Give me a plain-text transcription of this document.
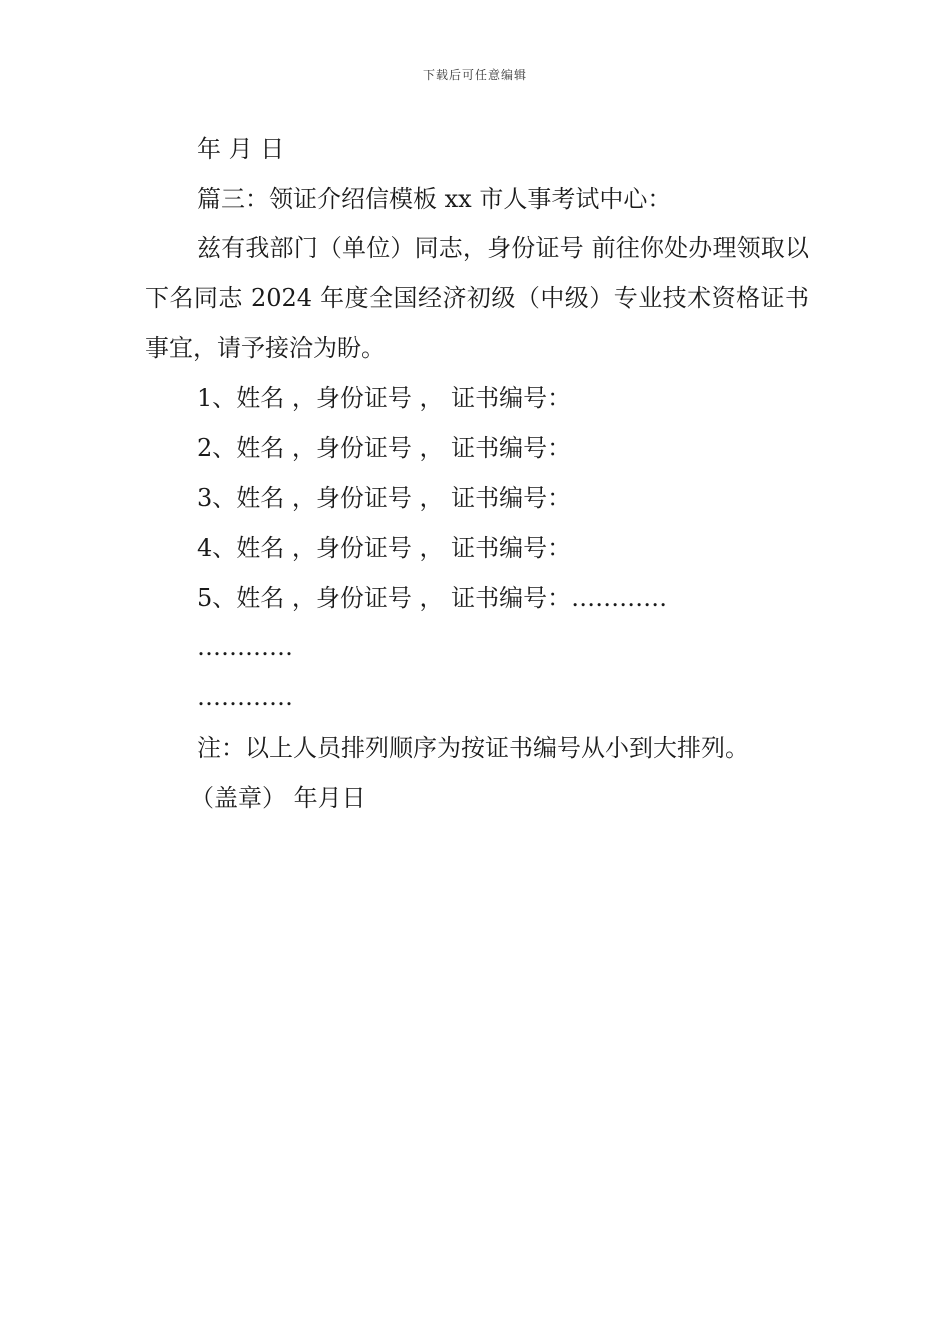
下载后可任意编辑
年 月 日
篇三：领证介绍信模板 xx 市人事考试中心：
兹有我部门（单位）同志，身份证号 前往你处办理领取以下名同志 2024 年度全国经济初级（中级）专业技术资格证书事宜，请予接洽为盼。
1、姓名 ，身份证号 ， 证书编号：
2、姓名 ，身份证号 ， 证书编号：
3、姓名 ，身份证号 ， 证书编号：
4、姓名 ，身份证号 ， 证书编号：
5、姓名 ，身份证号 ， 证书编号：…………
…………
…………
注：以上人员排列顺序为按证书编号从小到大排列。
（盖章） 年月日
